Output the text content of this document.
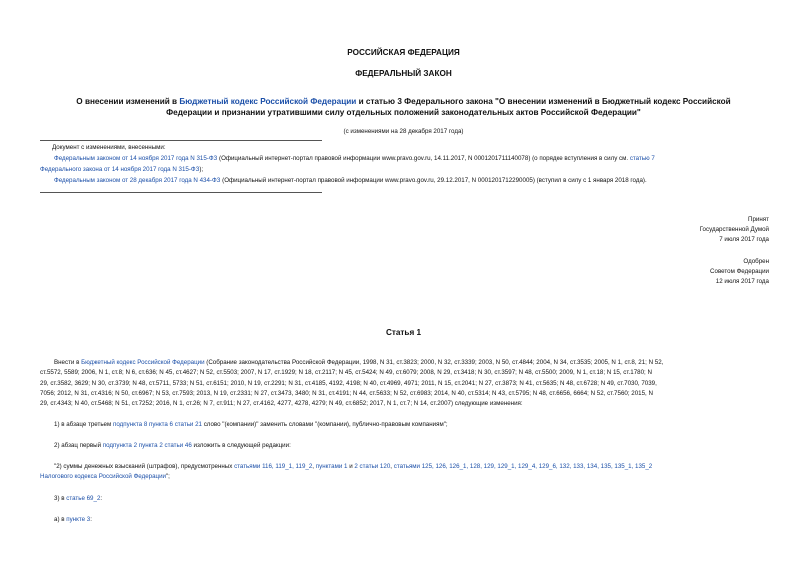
РОССИЙСКАЯ ФЕДЕРАЦИЯ
ФЕДЕРАЛЬНЫЙ ЗАКОН
О внесении изменений в Бюджетный кодекс Российской Федерации и статью 3 Федерального закона "О внесении изменений в Бюджетный кодекс Российской
Федерации и признании утратившими силу отдельных положений законодательных актов Российской Федерации"
(с изменениями на 28 декабря 2017 года)
Документ с изменениями, внесенными:
Федеральным законом от 14 ноября 2017 года N 315-ФЗ (Официальный интернет-портал правовой информации www.pravo.gov.ru, 14.11.2017, N 0001201711140078) (о порядке вступления в силу см. статью 7
Федерального закона от 14 ноября 2017 года N 315-ФЗ);
Федеральным законом от 28 декабря 2017 года N 434-ФЗ (Официальный интернет-портал правовой информации www.pravo.gov.ru, 29.12.2017, N 0001201712290005) (вступил в силу с 1 января 2018 года).
Принят
Государственной Думой
7 июля 2017 года
Одобрен
Советом Федерации
12 июля 2017 года
Статья 1
Внести в Бюджетный кодекс Российской Федерации (Собрание законодательства Российской Федерации, 1998, N 31, ст.3823; 2000, N 32, ст.3339; 2003, N 50, ст.4844; 2004, N 34, ст.3535; 2005, N 1, ст.8, 21; N 52,
ст.5572, 5589; 2006, N 1, ст.8; N 6, ст.636; N 45, ст.4627; N 52, ст.5503; 2007, N 17, ст.1929; N 18, ст.2117; N 45, ст.5424; N 49, ст.6079; 2008, N 29, ст.3418; N 30, ст.3597; N 48, ст.5500; 2009, N 1, ст.18; N 15, ст.1780; N
29, ст.3582, 3629; N 30, ст.3739; N 48, ст.5711, 5733; N 51, ст.6151; 2010, N 19, ст.2291; N 31, ст.4185, 4192, 4198; N 40, ст.4969, 4971; 2011, N 15, ст.2041; N 27, ст.3873; N 41, ст.5635; N 48, ст.6728; N 49, ст.7030, 7039,
7056; 2012, N 31, ст.4316; N 50, ст.6967; N 53, ст.7593; 2013, N 19, ст.2331; N 27, ст.3473, 3480; N 31, ст.4191; N 44, ст.5633; N 52, ст.6983; 2014, N 40, ст.5314; N 43, ст.5795; N 48, ст.6656, 6664; N 52, ст.7560; 2015, N
29, ст.4343; N 40, ст.5468; N 51, ст.7252; 2016, N 1, ст.26; N 7, ст.911; N 27, ст.4162, 4277, 4278, 4279; N 49, ст.6852; 2017, N 1, ст.7; N 14, ст.2007) следующие изменения:
1) в абзаце третьем подпункта 8 пункта 6 статьи 21 слово "(компании)" заменить словами "(компании), публично-правовым компаниям";
2) абзац первый подпункта 2 пункта 2 статьи 46 изложить в следующей редакции:
"2) суммы денежных взысканий (штрафов), предусмотренных статьями 116, 119_1, 119_2, пунктами 1 и 2 статьи 120, статьями 125, 126, 126_1, 128, 129, 129_1, 129_4, 129_6, 132, 133, 134, 135, 135_1, 135_2
Налогового кодекса Российской Федерации";
3) в статье 69_2:
а) в пункте 3:
